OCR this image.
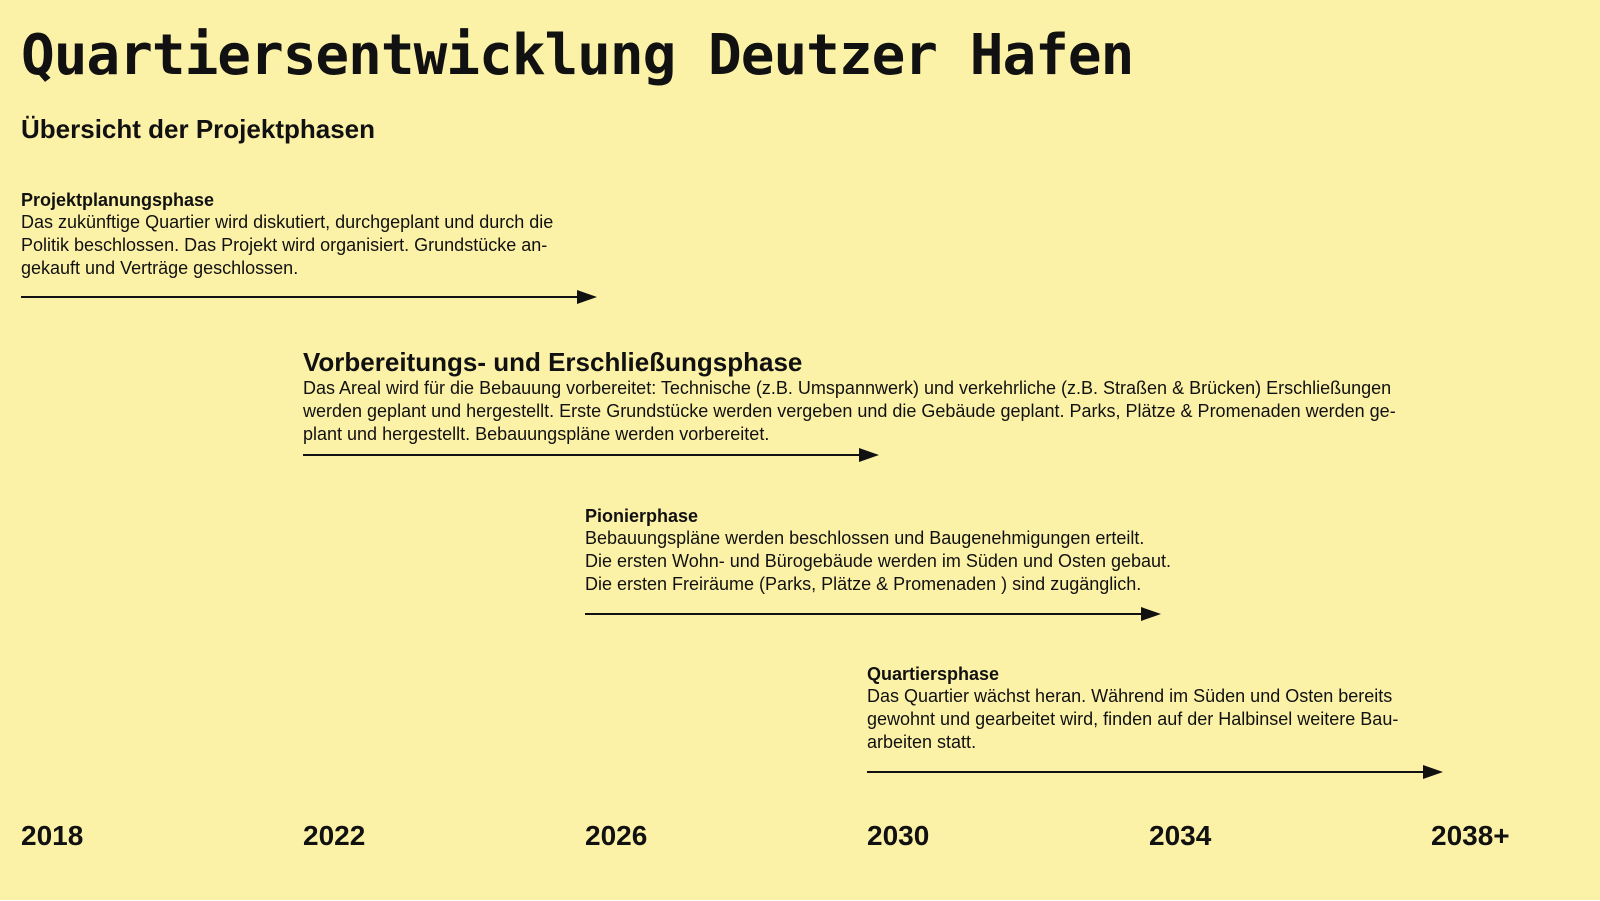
Quartiersentwicklung Deutzer Hafen
Übersicht der Projektphasen
Projektplanungsphase
Das zukünftige Quartier wird diskutiert, durchgeplant und durch die
Politik beschlossen. Das Projekt wird organisiert. Grundstücke an-
gekauft und Verträge geschlossen.
Vorbereitungs- und Erschließungsphase
Das Areal wird für die Bebauung vorbereitet: Technische (z.B. Umspannwerk) und verkehrliche (z.B. Straßen & Brücken) Erschließungen
werden geplant und hergestellt. Erste Grundstücke werden vergeben und die Gebäude geplant. Parks, Plätze & Promenaden werden ge-
plant und hergestellt. Bebauungspläne werden vorbereitet.
Pionierphase
Bebauungspläne werden beschlossen und Baugenehmigungen erteilt.
Die ersten Wohn- und Bürogebäude werden im Süden und Osten gebaut.
Die ersten Freiräume (Parks, Plätze & Promenaden ) sind zugänglich.
Quartiersphase
Das Quartier wächst heran. Während im Süden und Osten bereits
gewohnt und gearbeitet wird, finden auf der Halbinsel weitere Bau-
arbeiten statt.
2018	2022	2026	2030	2034	2038+
